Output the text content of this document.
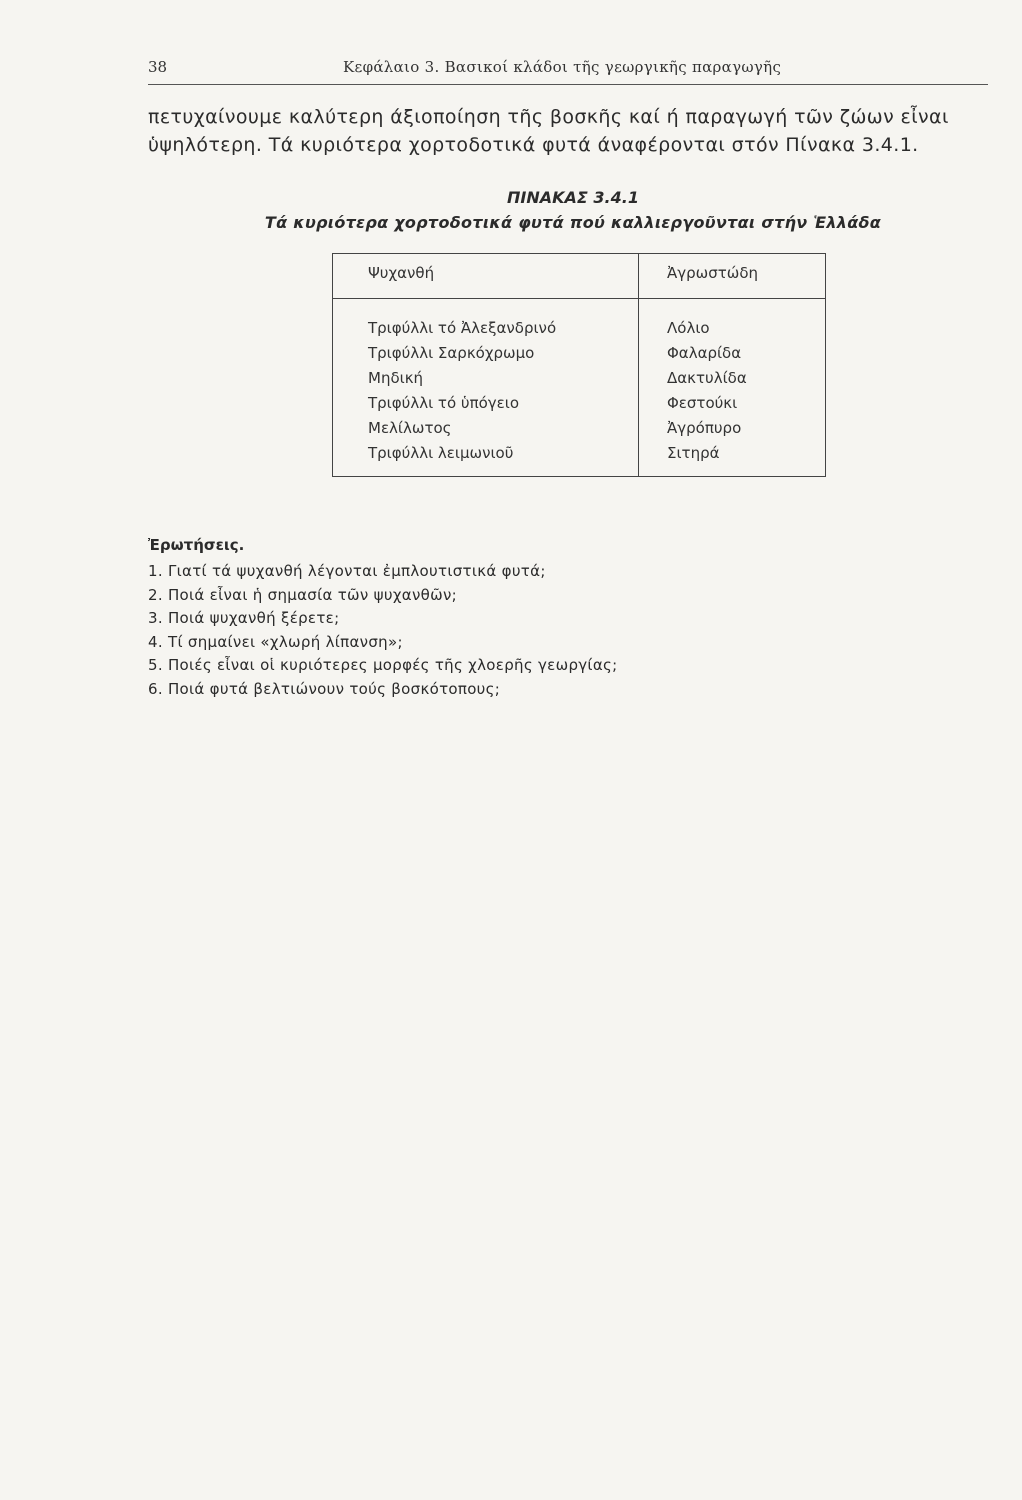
38	Κεφάλαιο 3. Βασικοί κλάδοι τῆς γεωργικῆς παραγωγῆς
πετυχαίνουμε καλύτερη άξιοποίηση τῆς βοσκῆς καί ή παραγωγή τῶν ζώων εἶναι
ὑψηλότερη. Τά κυριότερα χορτοδοτικά φυτά άναφέρονται στόν Πίνακα 3.4.1.
ΠΙΝΑΚΑΣ 3.4.1
Τά κυριότερα χορτοδοτικά φυτά πού καλλιεργοῦνται στήν Ἑλλάδα
Ψυχανθή	Ἀγρωστώδη
Τριφύλλι τό Ἀλεξανδρινό
Τριφύλλι Σαρκόχρωμο
Μηδική
Τριφύλλι τό ὑπόγειο
Μελίλωτος
Τριφύλλι λειμωνιοῦ
Λόλιο
Φαλαρίδα
Δακτυλίδα
Φεστούκι
Ἀγρόπυρο
Σιτηρά
Ἐρωτήσεις.
1. Γιατί τά ψυχανθή λέγονται ἐμπλουτιστικά φυτά;
2. Ποιά εἶναι ἡ σημασία τῶν ψυχανθῶν;
3. Ποιά ψυχανθή ξέρετε;
4. Τί σημαίνει «χλωρή λίπανση»;
5. Ποιές εἶναι οἱ κυριότερες μορφές τῆς χλοερῆς γεωργίας;
6. Ποιά φυτά βελτιώνουν τούς βοσκότοπους;
